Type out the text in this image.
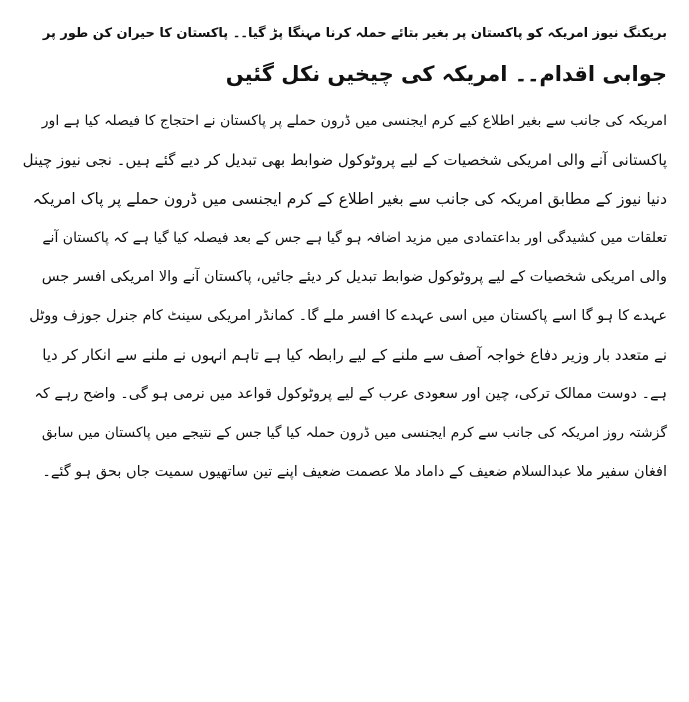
بریکنگ نیوز امریکہ کو پاکستان پر بغیر بتائے حملہ کرنا مہنگا پڑ گیا۔۔ پاکستان کا حیران کن طور پر
جوابی اقدام۔۔ امریکہ کی چیخیں نکل گئیں
امریکہ کی جانب سے بغیر اطلاع کیے کرم ایجنسی میں ڈرون حملے پر پاکستان نے احتجاج کا فیصلہ کیا ہے اور
پاکستانی آنے والی امریکی شخصیات کے لیے پروٹوکول ضوابط بھی تبدیل کر دیے گئے ہیں۔ نجی نیوز چینل
دنیا نیوز کے مطابق امریکہ کی جانب سے بغیر اطلاع کے کرم ایجنسی میں ڈرون حملے پر پاک امریکہ
تعلقات میں کشیدگی اور بداعتمادی میں مزید اضافہ ہو گیا ہے جس کے بعد فیصلہ کیا گیا ہے کہ پاکستان آنے
والی امریکی شخصیات کے لیے پروٹوکول ضوابط تبدیل کر دیئے جائیں، پاکستان آنے والا امریکی افسر جس
عہدے کا ہو گا اسے پاکستان میں اسی عہدے کا افسر ملے گا۔ کمانڈر امریکی سینٹ کام جنرل جوزف ووٹل
نے متعدد بار وزیر دفاع خواجہ آصف سے ملنے کے لیے رابطہ کیا ہے تاہم انہوں نے ملنے سے انکار کر دیا
ہے۔ دوست ممالک ترکی، چین اور سعودی عرب کے لیے پروٹوکول قواعد میں نرمی ہو گی۔ واضح رہے کہ
گزشتہ روز امریکہ کی جانب سے کرم ایجنسی میں ڈرون حملہ کیا گیا جس کے نتیجے میں پاکستان میں سابق
افغان سفیر ملا عبدالسلام ضعیف کے داماد ملا عصمت ضعیف اپنے تین ساتھیوں سمیت جاں بحق ہو گئے۔
